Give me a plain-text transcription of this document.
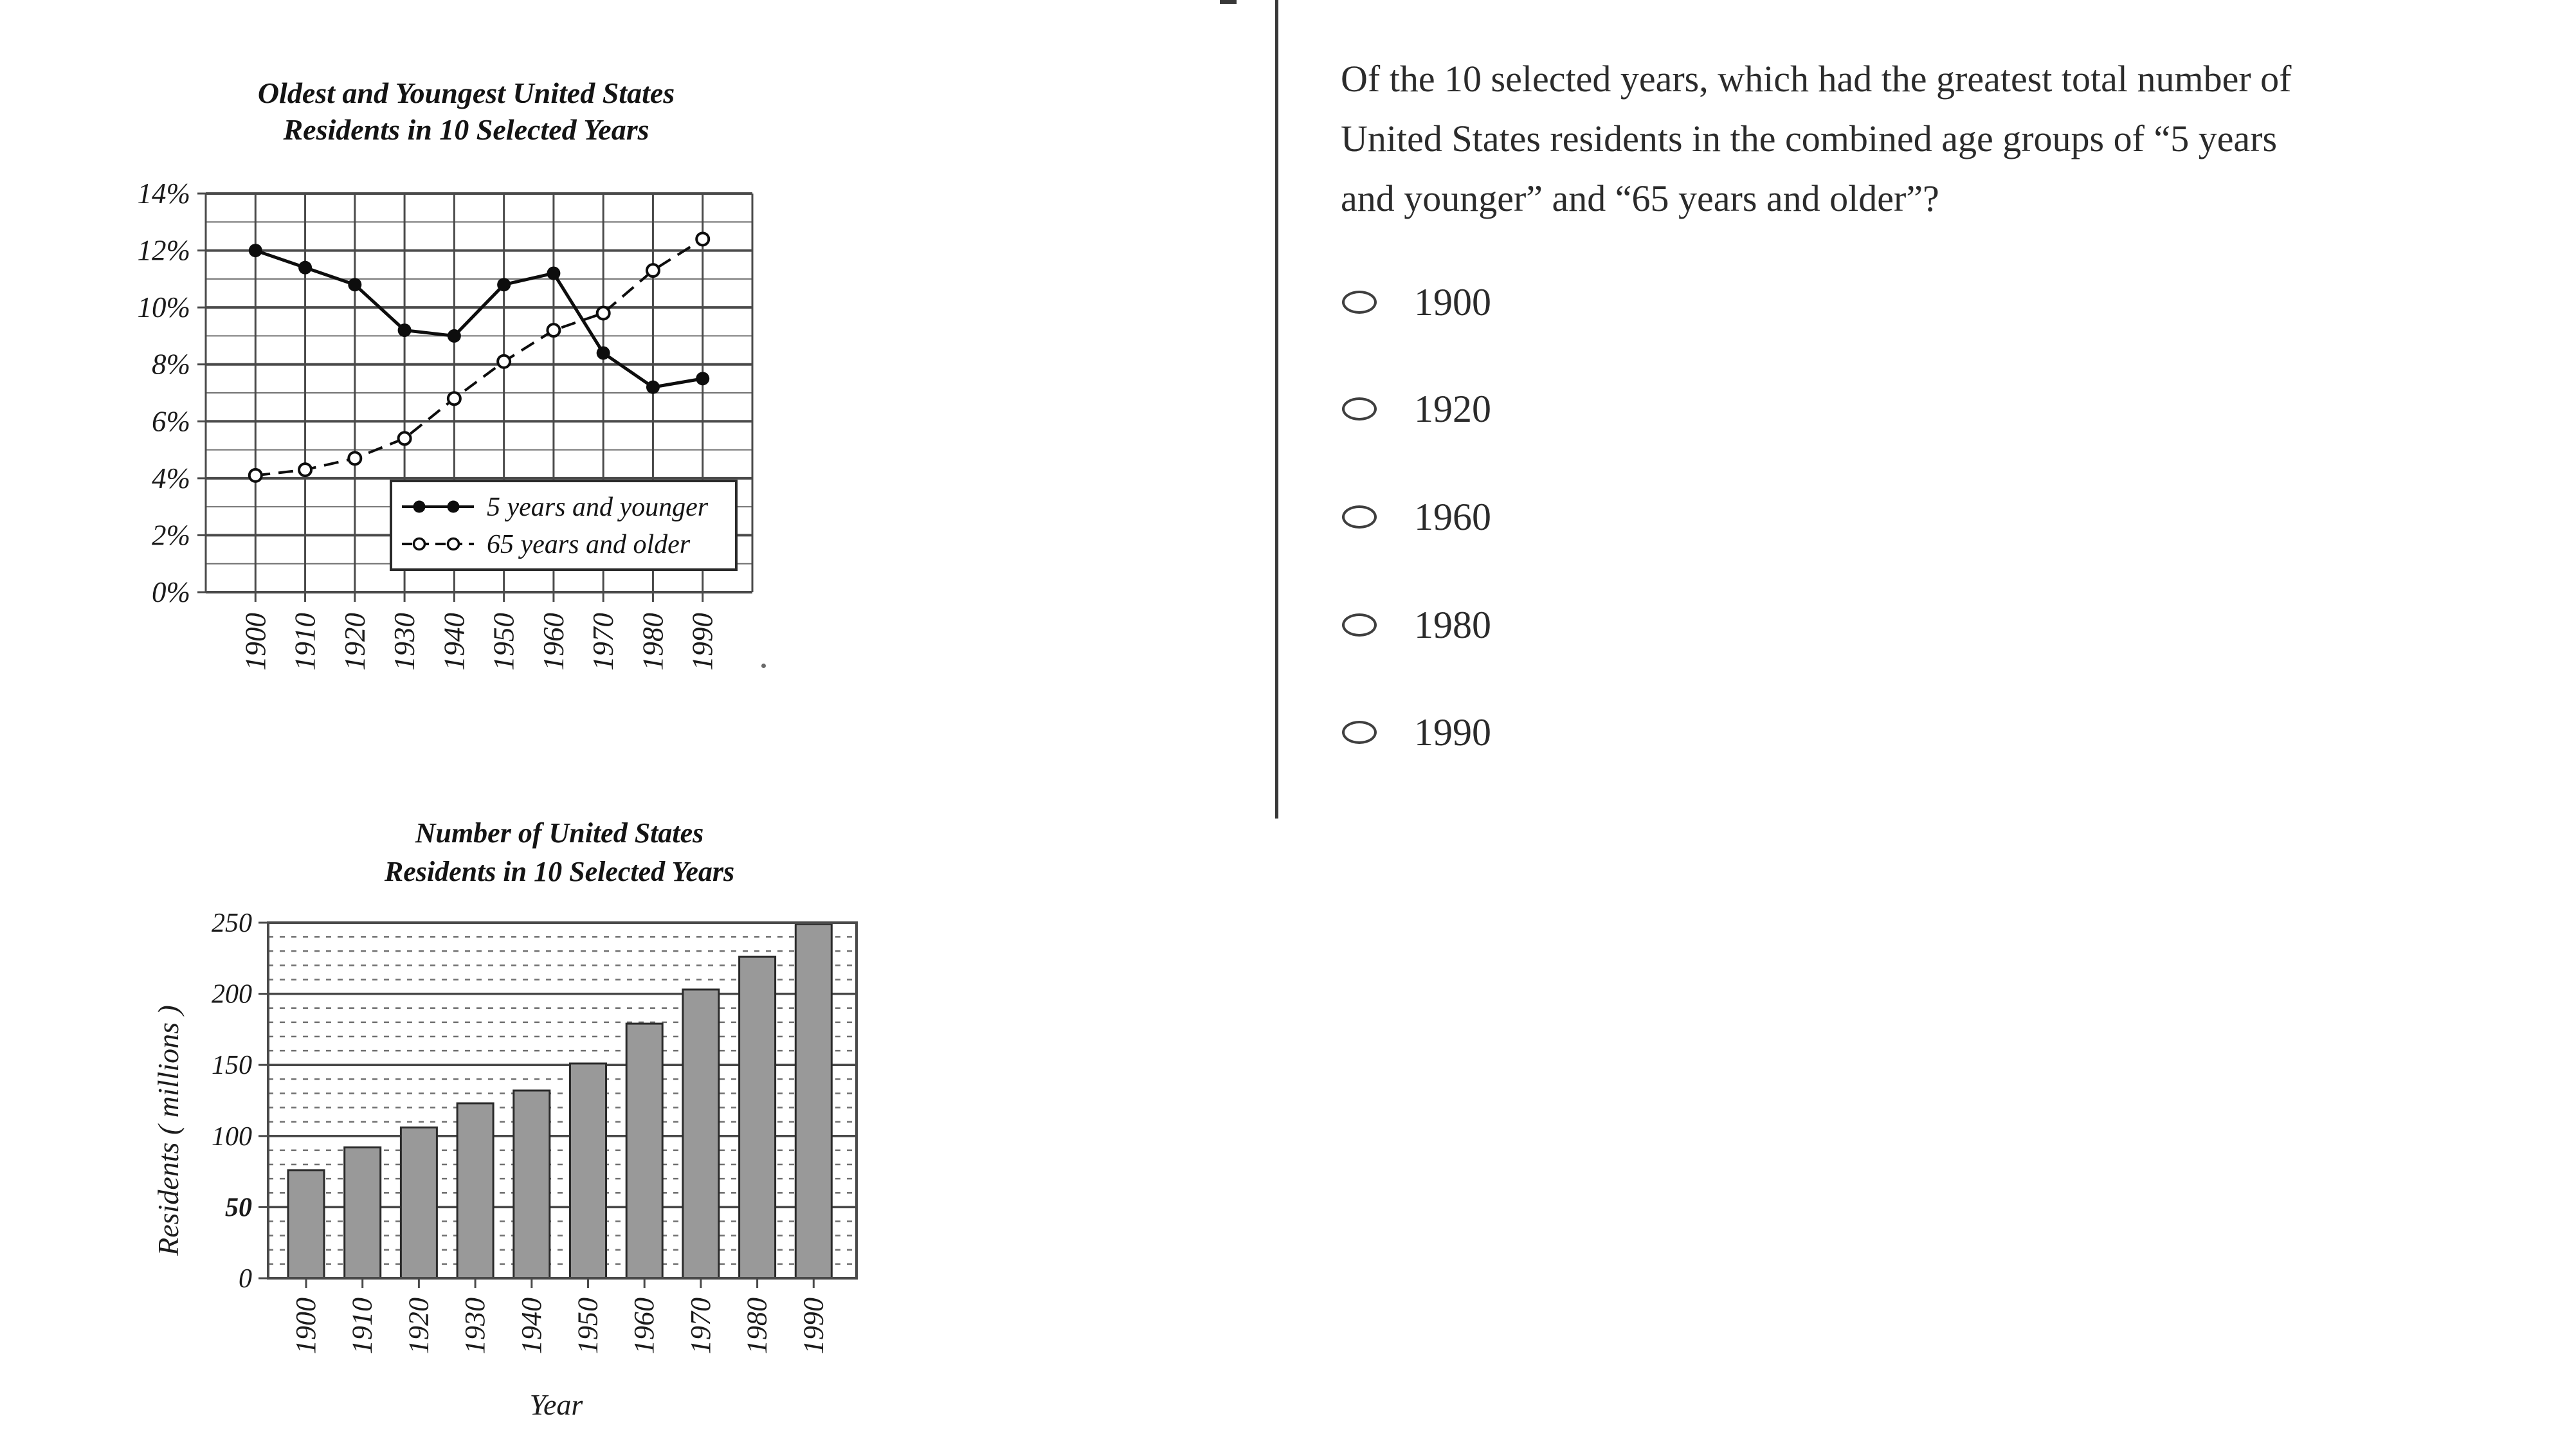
Oldest and Youngest United States
Residents in 10 Selected Years
Number of United States
Residents in 10 Selected Years
Residents ( millions )
Year
0%
2%
4%
6%
8%
10%
12%
14%
1900 1910 1920 1930 1940 1950 1960 1970 1980 1990
5 years and younger
65 years and older
0
50
100
150
200
250
1900 1910 1920 1930 1940 1950 1960 1970 1980 1990
Of the 10 selected years, which had the greatest total number of
United States residents in the combined age groups of “5 years
and younger” and “65 years and older”?
1900
1920
1960
1980
1990
